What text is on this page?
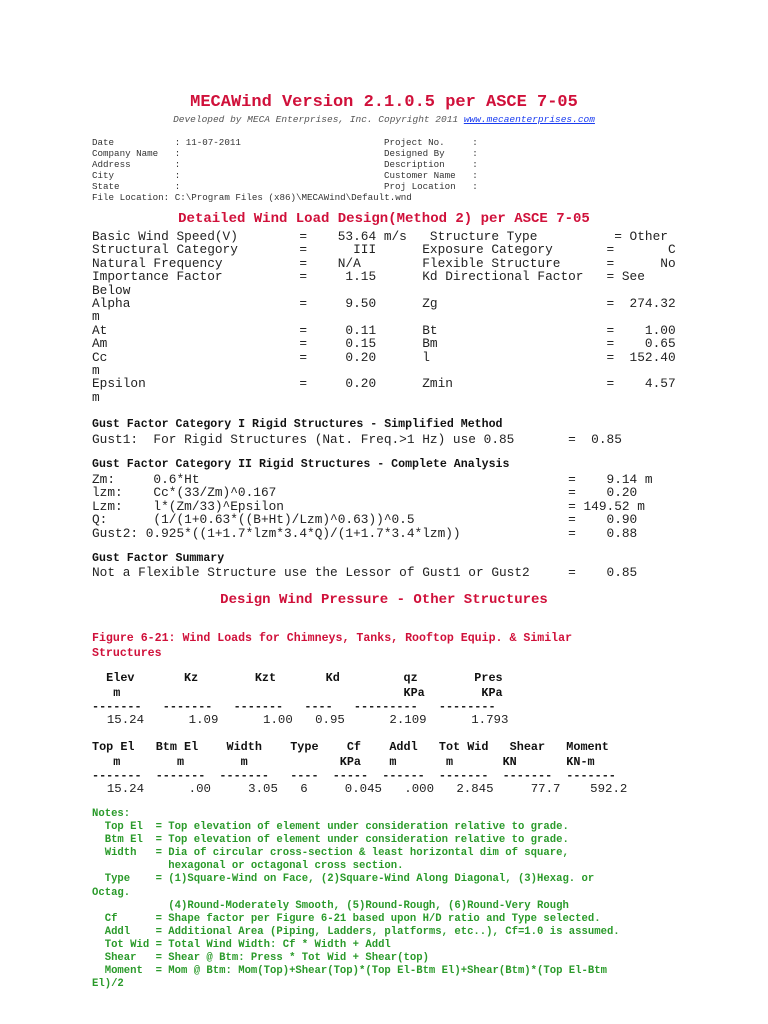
MECAWind Version 2.1.0.5 per ASCE 7-05
Developed by MECA Enterprises, Inc. Copyright 2011 www.mecaenterprises.com
Date           : 11-07-2011
Company Name   :
Address        :
City           :
State          :
Project No.     :
Designed By     :
Description     :
Customer Name   :
Proj Location   :
File Location: C:\Program Files (x86)\MECAWind\Default.wnd
Detailed Wind Load Design(Method 2) per ASCE 7-05
Basic Wind Speed(V)        =    53.64 m/s   Structure Type          = Other
Structural Category        =      III      Exposure Category       =       C
Natural Frequency          =    N/A        Flexible Structure      =      No
Importance Factor          =     1.15      Kd Directional Factor   = See
Below
Alpha                      =     9.50      Zg                      =  274.32
m
At                         =     0.11      Bt                      =    1.00
Am                         =     0.15      Bm                      =    0.65
Cc                         =     0.20      l                       =  152.40
m
Epsilon                    =     0.20      Zmin                    =    4.57
m
Gust Factor Category I Rigid Structures - Simplified Method
Gust1:  For Rigid Structures (Nat. Freq.>1 Hz) use 0.85       =  0.85
Gust Factor Category II Rigid Structures - Complete Analysis
Zm:     0.6*Ht                                                =    9.14 m
lzm:    Cc*(33/Zm)^0.167                                      =    0.20
Lzm:    l*(Zm/33)^Epsilon                                     = 149.52 m
Q:      (1/(1+0.63*((B+Ht)/Lzm)^0.63))^0.5                    =    0.90
Gust2: 0.925*((1+1.7*lzm*3.4*Q)/(1+1.7*3.4*lzm))              =    0.88
Gust Factor Summary
Not a Flexible Structure use the Lessor of Gust1 or Gust2     =    0.85
Design Wind Pressure - Other Structures
Figure 6-21: Wind Loads for Chimneys, Tanks, Rooftop Equip. & Similar
Structures
Elev       Kz        Kzt       Kd         qz        Pres
m                                        KPa        KPa
-------   -------   -------   ----   ---------   --------
15.24      1.09      1.00   0.95      2.109      1.793
Top El   Btm El    Width    Type    Cf    Addl   Tot Wid   Shear   Moment
m        m        m             KPa    m       m       KN       KN-m
-------  -------  -------   ----  -----  ------  -------  -------  -------
15.24      .00     3.05   6     0.045   .000   2.845     77.7    592.2
Notes:
Top El  = Top elevation of element under consideration relative to grade.
Btm El  = Top elevation of element under consideration relative to grade.
Width   = Dia of circular cross-section & least horizontal dim of square,
hexagonal or octagonal cross section.
Type    = (1)Square-Wind on Face, (2)Square-Wind Along Diagonal, (3)Hexag. or
Octag.
(4)Round-Moderately Smooth, (5)Round-Rough, (6)Round-Very Rough
Cf      = Shape factor per Figure 6-21 based upon H/D ratio and Type selected.
Addl    = Additional Area (Piping, Ladders, platforms, etc..), Cf=1.0 is assumed.
Tot Wid = Total Wind Width: Cf * Width + Addl
Shear   = Shear @ Btm: Press * Tot Wid + Shear(top)
Moment  = Mom @ Btm: Mom(Top)+Shear(Top)*(Top El-Btm El)+Shear(Btm)*(Top El-Btm
El)/2
